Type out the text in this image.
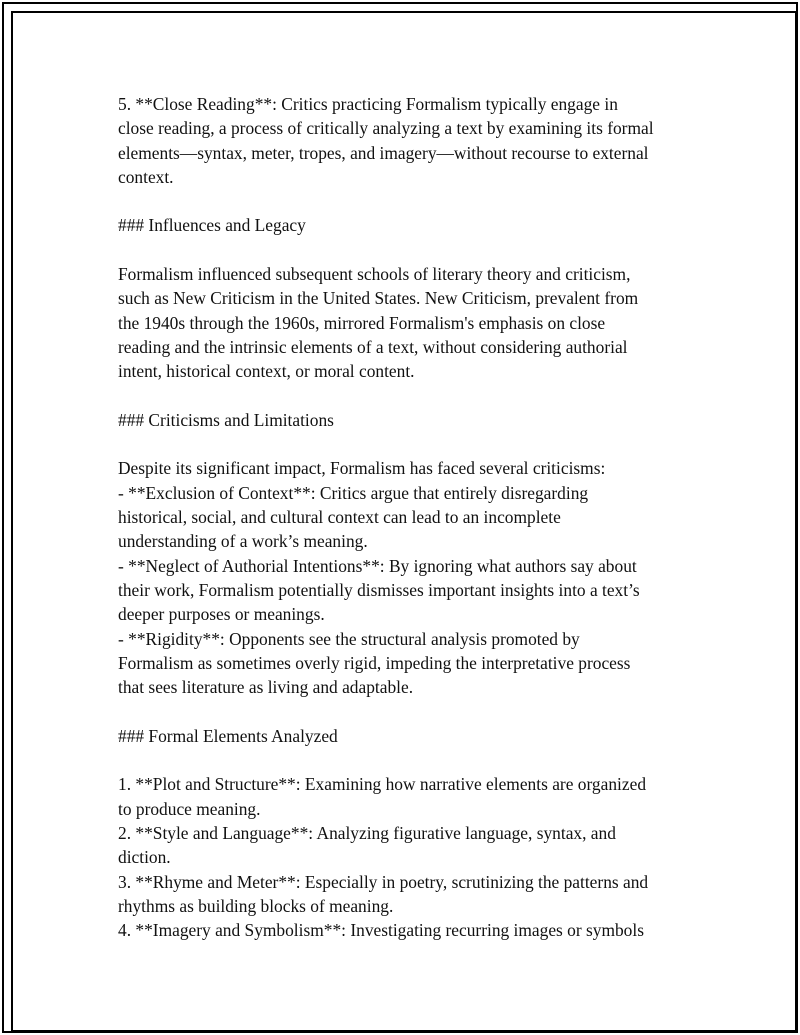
5. **Close Reading**: Critics practicing Formalism typically engage in
close reading, a process of critically analyzing a text by examining its formal
elements—syntax, meter, tropes, and imagery—without recourse to external
context.
### Influences and Legacy
Formalism influenced subsequent schools of literary theory and criticism,
such as New Criticism in the United States. New Criticism, prevalent from
the 1940s through the 1960s, mirrored Formalism's emphasis on close
reading and the intrinsic elements of a text, without considering authorial
intent, historical context, or moral content.
### Criticisms and Limitations
Despite its significant impact, Formalism has faced several criticisms:
- **Exclusion of Context**: Critics argue that entirely disregarding
historical, social, and cultural context can lead to an incomplete
understanding of a work’s meaning.
- **Neglect of Authorial Intentions**: By ignoring what authors say about
their work, Formalism potentially dismisses important insights into a text’s
deeper purposes or meanings.
- **Rigidity**: Opponents see the structural analysis promoted by
Formalism as sometimes overly rigid, impeding the interpretative process
that sees literature as living and adaptable.
### Formal Elements Analyzed
1. **Plot and Structure**: Examining how narrative elements are organized
to produce meaning.
2. **Style and Language**: Analyzing figurative language, syntax, and
diction.
3. **Rhyme and Meter**: Especially in poetry, scrutinizing the patterns and
rhythms as building blocks of meaning.
4. **Imagery and Symbolism**: Investigating recurring images or symbols
